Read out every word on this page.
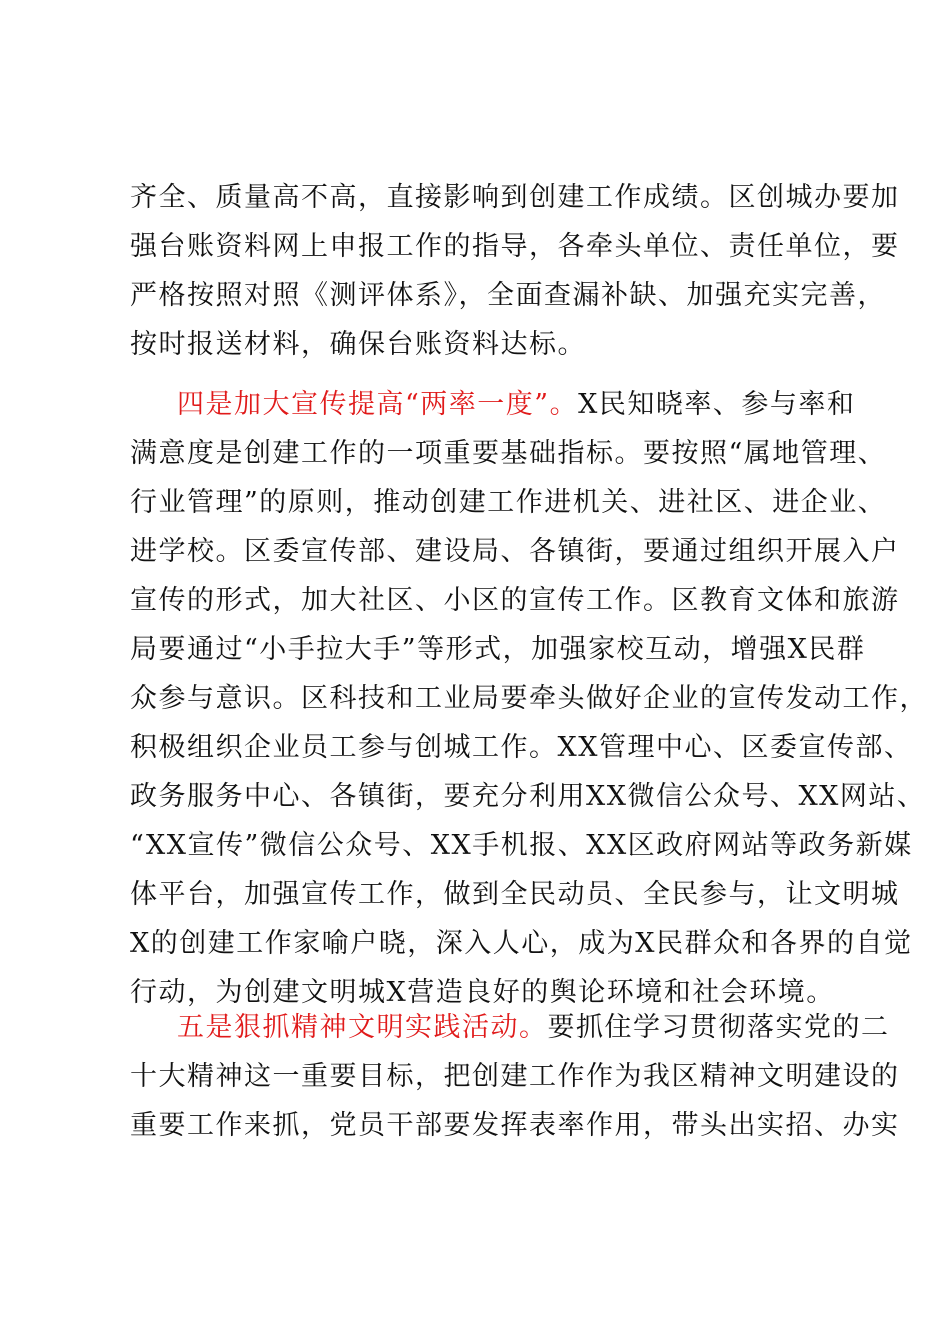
齐全、质量高不高，直接影响到创建工作成绩。区创城办要加
强台账资料网上申报工作的指导，各牵头单位、责任单位，要
严格按照对照《测评体系》，全面查漏补缺、加强充实完善，
按时报送材料，确保台账资料达标。
四是加大宣传提高“两率一度”。X民知晓率、参与率和
满意度是创建工作的一项重要基础指标。要按照“属地管理、
行业管理”的原则，推动创建工作进机关、进社区、进企业、
进学校。区委宣传部、建设局、各镇街，要通过组织开展入户
宣传的形式，加大社区、小区的宣传工作。区教育文体和旅游
局要通过“小手拉大手”等形式，加强家校互动，增强X民群
众参与意识。区科技和工业局要牵头做好企业的宣传发动工作，
积极组织企业员工参与创城工作。XX管理中心、区委宣传部、
政务服务中心、各镇街，要充分利用XX微信公众号、XX网站、
“XX宣传”微信公众号、XX手机报、XX区政府网站等政务新媒
体平台，加强宣传工作，做到全民动员、全民参与，让文明城
X的创建工作家喻户晓，深入人心，成为X民群众和各界的自觉
行动，为创建文明城X营造良好的舆论环境和社会环境。
五是狠抓精神文明实践活动。要抓住学习贯彻落实党的二
十大精神这一重要目标，把创建工作作为我区精神文明建设的
重要工作来抓，党员干部要发挥表率作用，带头出实招、办实
